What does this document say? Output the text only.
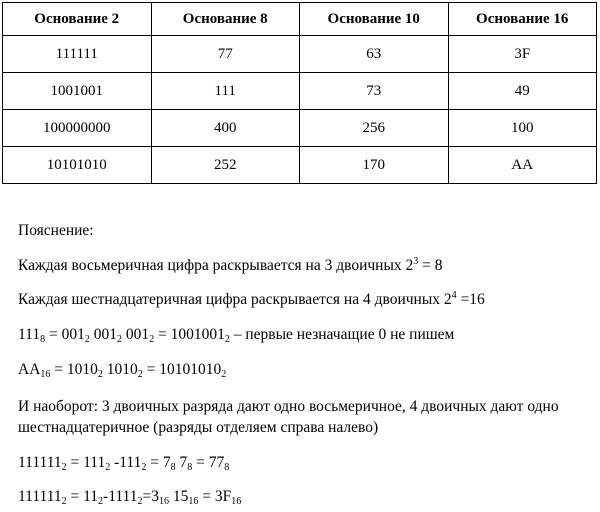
Основание 2	Основание 8	Основание 10	Основание 16
111111	77	63	3F
1001001	111	73	49
100000000	400	256	100
10101010	252	170	AA
Пояснение:
Каждая восьмеричная цифра раскрывается на 3 двоичных $2^3 = 8$
Каждая шестнадцатеричная цифра раскрывается на 4 двоичных $2^4 =16$
$111_8 = 001_2$ $001_2$ $001_2 = 1001001_2$ – первые незначащие 0 не пишем
$AA_{16} = 1010_2$ $1010_2 = 10101010_2$
И наоборот: 3 двоичных разряда дают одно восьмеричное, 4 двоичных дают одно шестнадцатеричное (разряды отделяем справа налево)
$111111_2 = 111_2$ $-111_2 = 7_8$ $7_8 = 77_8$
$111111_2 = 11_2-1111_2=3_{16}$ $15_{16} = 3F_{16}$
